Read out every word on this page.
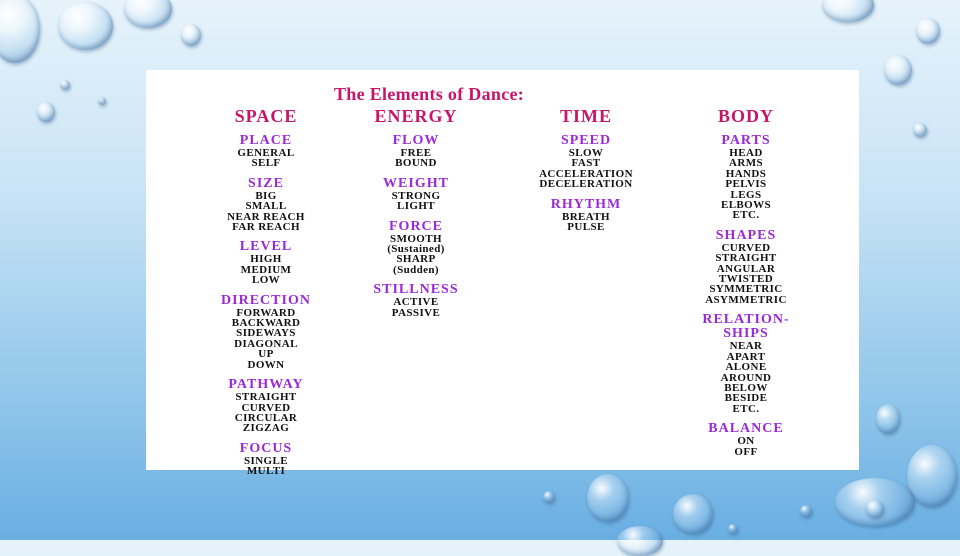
The Elements of Dance:
SPACE
PLACE
GENERAL
SELF
SIZE
BIG
SMALL
NEAR REACH
FAR REACH
LEVEL
HIGH
MEDIUM
LOW
DIRECTION
FORWARD
BACKWARD
SIDEWAYS
DIAGONAL
UP
DOWN
PATHWAY
STRAIGHT
CURVED
CIRCULAR
ZIGZAG
FOCUS
SINGLE
MULTI
ENERGY
FLOW
FREE
BOUND
WEIGHT
STRONG
LIGHT
FORCE
SMOOTH
(Sustained)
SHARP
(Sudden)
STILLNESS
ACTIVE
PASSIVE
TIME
SPEED
SLOW
FAST
ACCELERATION
DECELERATION
RHYTHM
BREATH
PULSE
BODY
PARTS
HEAD
ARMS
HANDS
PELVIS
LEGS
ELBOWS
ETC.
SHAPES
CURVED
STRAIGHT
ANGULAR
TWISTED
SYMMETRIC
ASYMMETRIC
RELATION-
SHIPS
NEAR
APART
ALONE
AROUND
BELOW
BESIDE
ETC.
BALANCE
ON
OFF
